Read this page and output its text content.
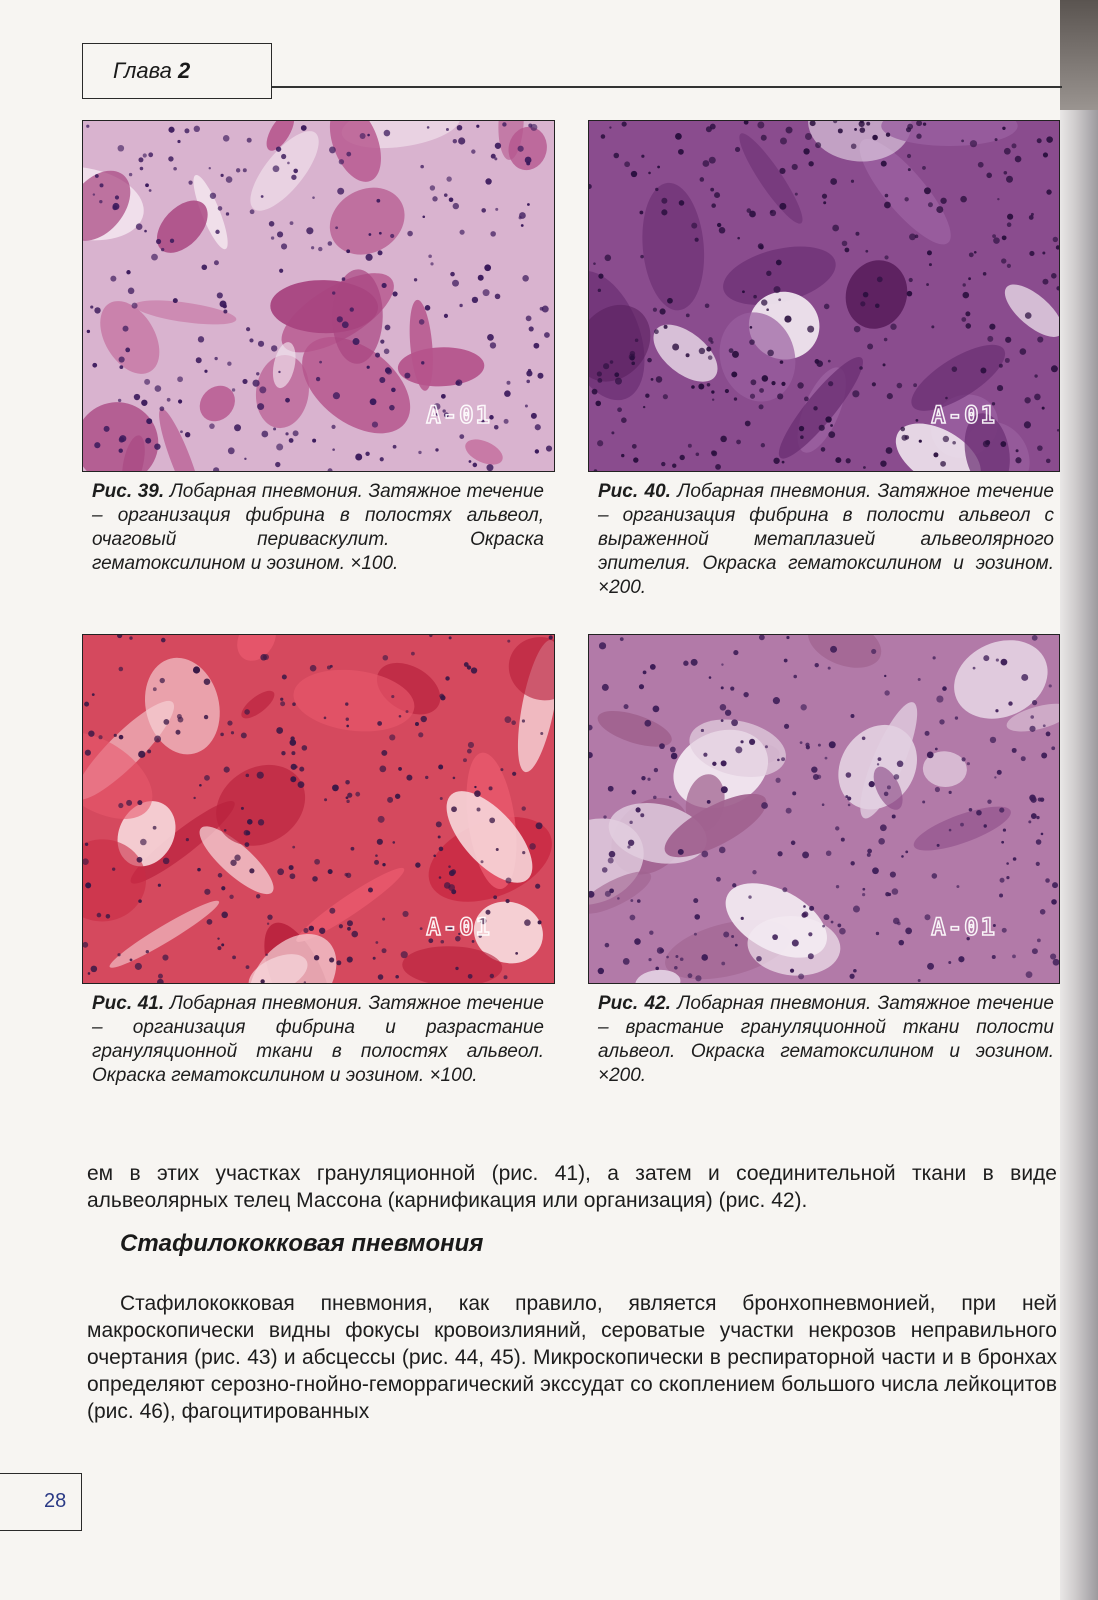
Глава 2
A-01
Рис. 39. Лобарная пневмония. Затяжное течение – организация фибрина в полостях альвеол, очаговый периваскулит. Окраска гематоксилином и эозином. ×100.
A-01
Рис. 40. Лобарная пневмония. Затяжное течение – организация фибрина в полости альвеол с выраженной метаплазией альвеолярного эпителия. Окраска гематоксилином и эозином. ×200.
A-01
Рис. 41. Лобарная пневмония. Затяжное течение – организация фибрина и разрастание грануляционной ткани в полостях альвеол. Окраска гематоксилином и эозином. ×100.
A-01
Рис. 42. Лобарная пневмония. Затяжное течение – врастание грануляционной ткани полости альвеол. Окраска гематоксилином и эозином. ×200.
ем в этих участках грануляционной (рис. 41), а затем и соединительной ткани в виде альвеолярных телец Массона (карнификация или организация) (рис. 42).
Стафилококковая пневмония
Стафилококковая пневмония, как правило, является бронхопневмонией, при ней макроскопически видны фокусы кровоизлияний, сероватые участки некрозов неправильного очертания (рис. 43) и абсцессы (рис. 44, 45). Микроскопически в респираторной части и в бронхах определяют серозно-гнойно-геморрагический экссудат со скоплением большого числа лейкоцитов (рис. 46), фагоцитированных
28
